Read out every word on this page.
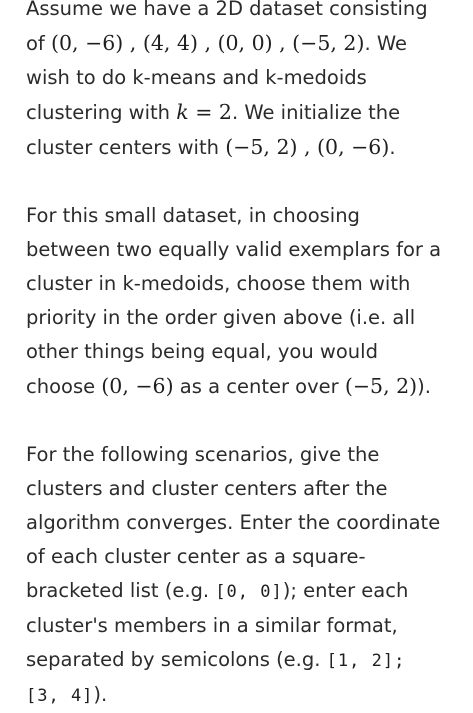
Assume we have a 2D dataset consisting
of (0, −6) , (4, 4) , (0, 0) , (−5, 2). We
wish to do k-means and k-medoids
clustering with k = 2. We initialize the
cluster centers with (−5, 2) , (0, −6).

For this small dataset, in choosing
between two equally valid exemplars for a
cluster in k-medoids, choose them with
priority in the order given above (i.e. all
other things being equal, you would
choose (0, −6) as a center over (−5, 2)).

For the following scenarios, give the
clusters and cluster centers after the
algorithm converges. Enter the coordinate
of each cluster center as a square-
bracketed list (e.g. [0, 0]); enter each
cluster's members in a similar format,
separated by semicolons (e.g. [1, 2];
[3, 4]).
